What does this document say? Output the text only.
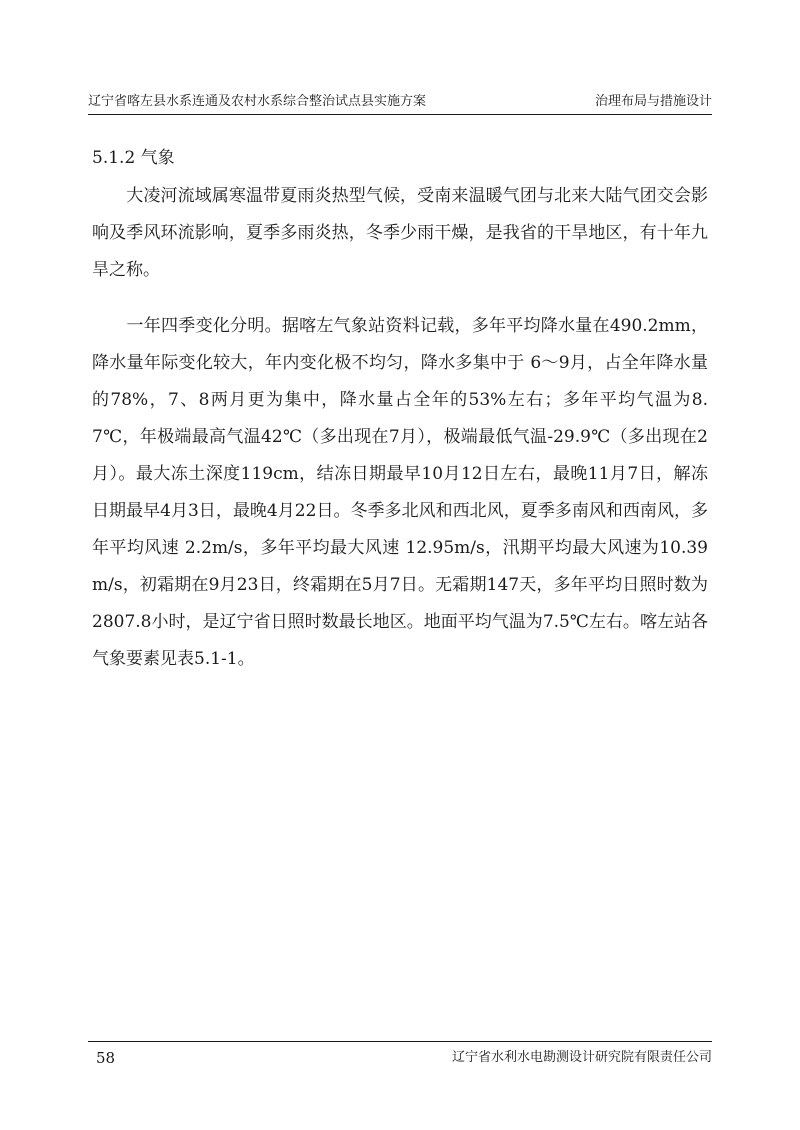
辽宁省喀左县水系连通及农村水系综合整治试点县实施方案	治理布局与措施设计
5.1.2 气象

　　大凌河流域属寒温带夏雨炎热型气候，受南来温暖气团与北来大陆气团交会影响及季风环流影响，夏季多雨炎热，冬季少雨干燥，是我省的干旱地区，有十年九旱之称。

　　一年四季变化分明。据喀左气象站资料记载，多年平均降水量在490.2mm，降水量年际变化较大，年内变化极不均匀，降水多集中于 6～9月，占全年降水量的78%，7、8两月更为集中，降水量占全年的53%左右；多年平均气温为8.7℃，年极端最高气温42℃（多出现在7月），极端最低气温-29.9℃（多出现在2月）。最大冻土深度119cm，结冻日期最早10月12日左右，最晚11月7日，解冻日期最早4月3日，最晚4月22日。冬季多北风和西北风，夏季多南风和西南风，多年平均风速 2.2m/s，多年平均最大风速 12.95m/s，汛期平均最大风速为10.39m/s，初霜期在9月23日，终霜期在5月7日。无霜期147天，多年平均日照时数为2807.8小时，是辽宁省日照时数最长地区。地面平均气温为7.5℃左右。喀左站各气象要素见表5.1-1。

58	辽宁省水利水电勘测设计研究院有限责任公司
